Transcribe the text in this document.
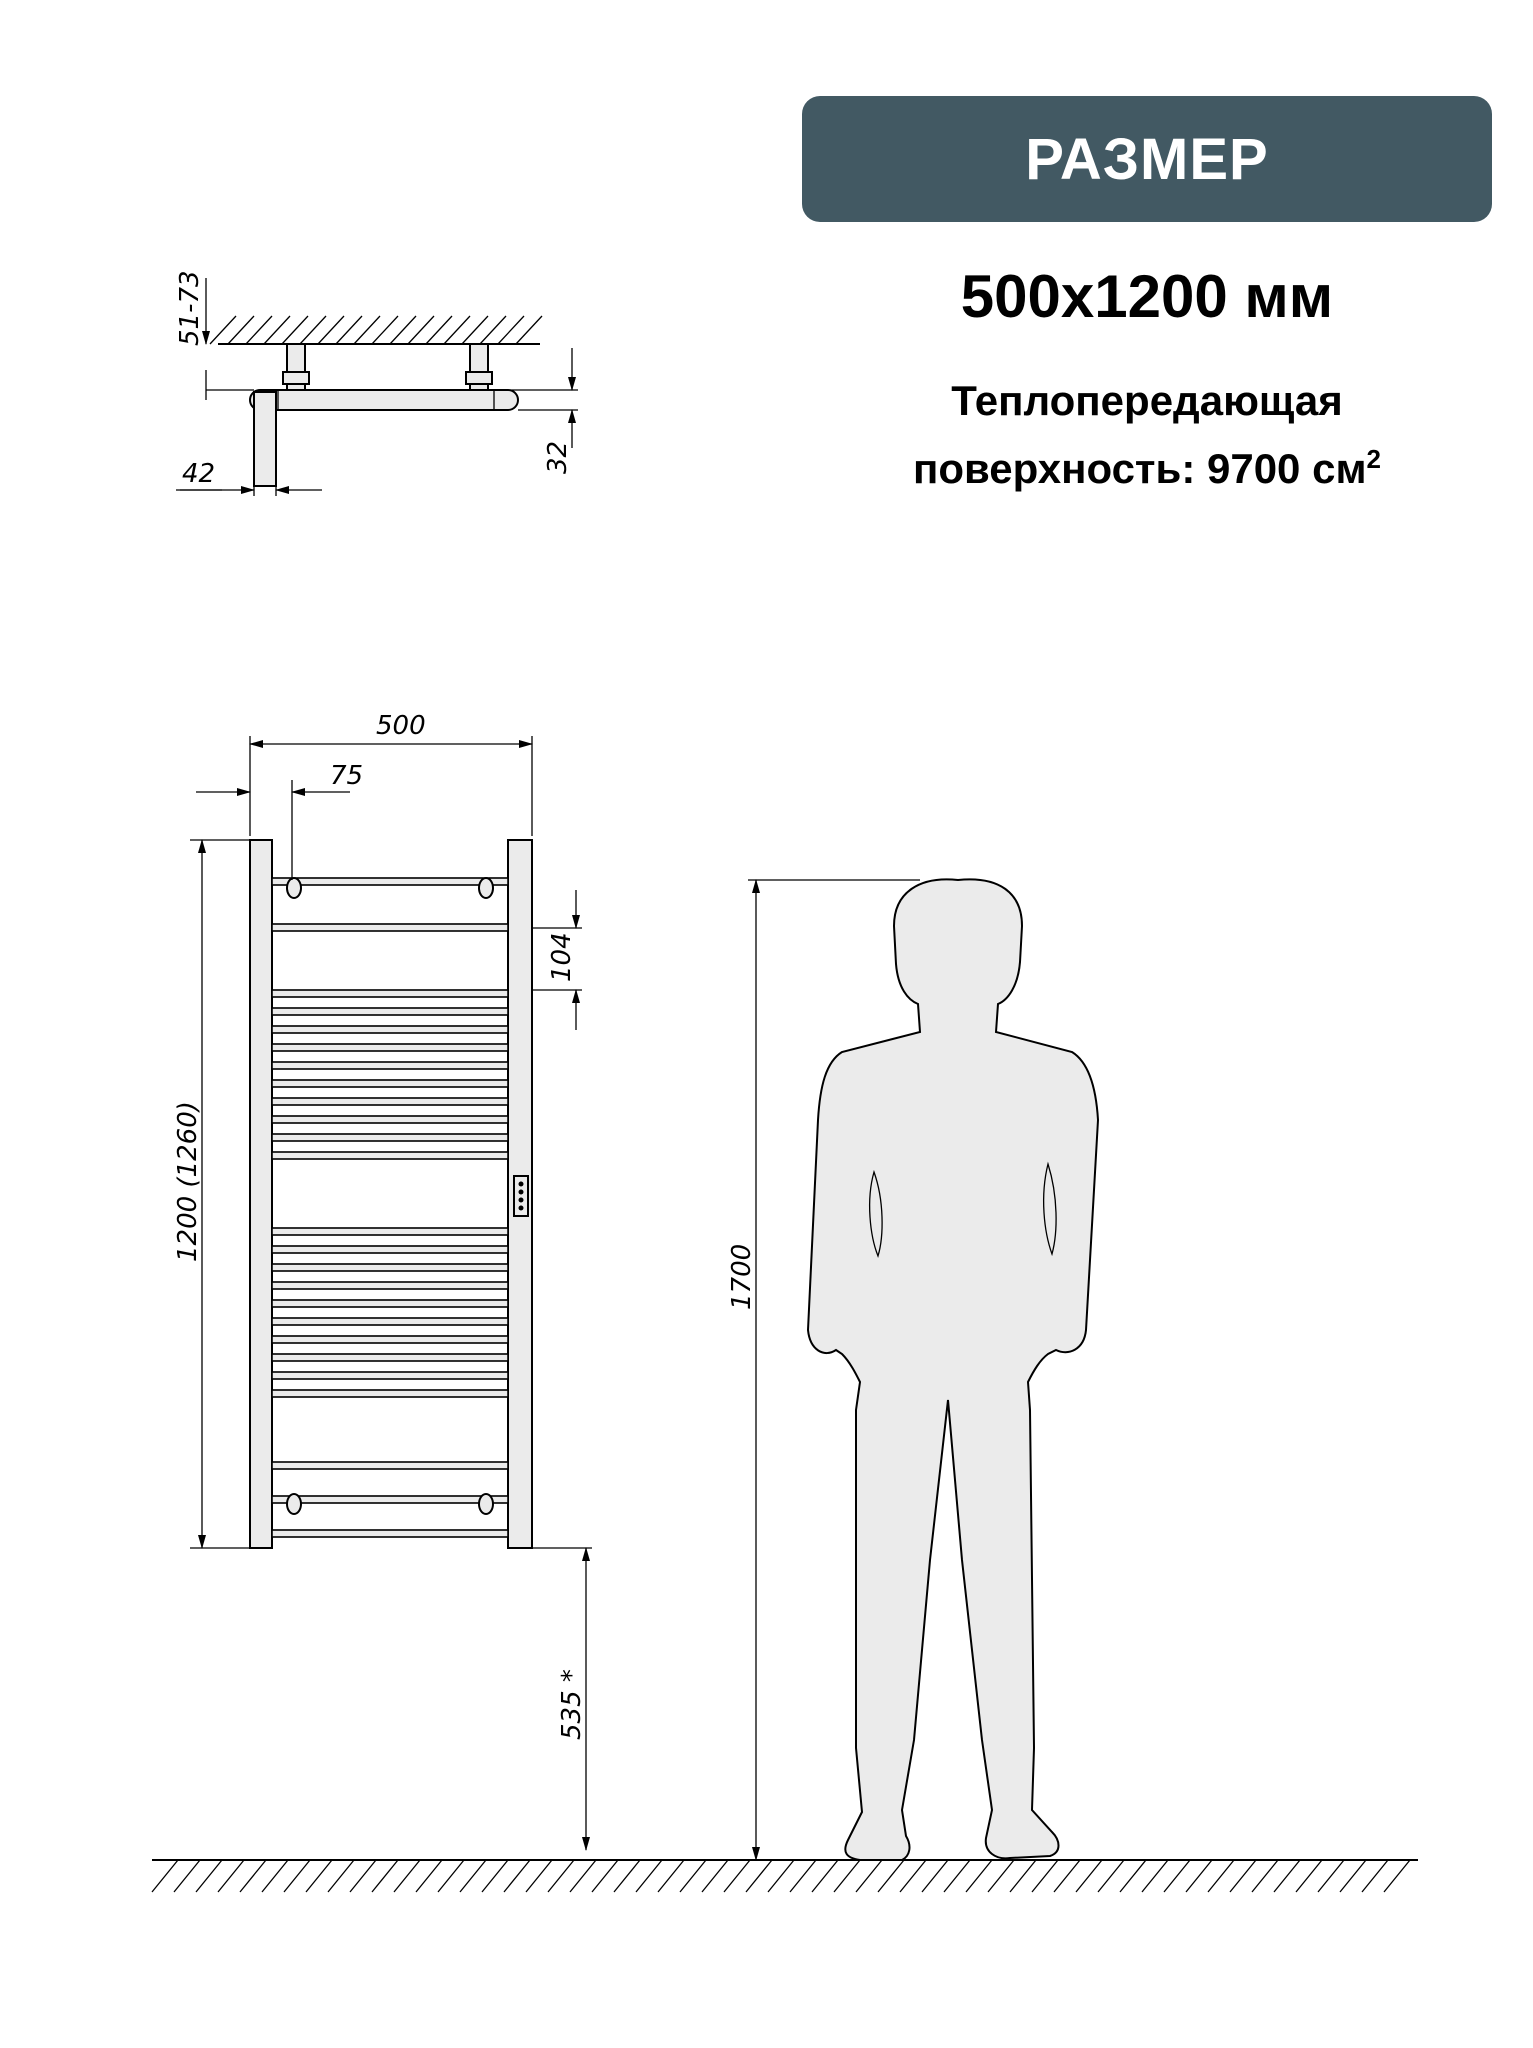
РАЗМЕР
500х1200 мм
Теплопередающая
поверхность: 9700 $см^2$
51-73
32
42
500
75
104
1200 (1260)
535 *
1700
